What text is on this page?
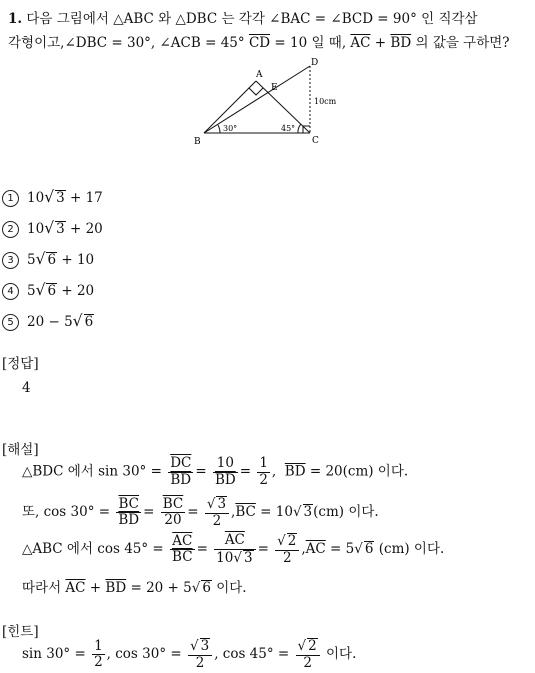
1. 다음 그림에서 △ABC 와 △DBC 는 각각 ∠BAC = ∠BCD = 90° 인 직각삼
각형이고,∠DBC = 30°, ∠ACB = 45° $\overline{CD} = 10$ 일 때, $\overline{AC} + \overline{BD}$ 의 값을 구하면?
A
B	C
D
E
30°	45°
10cm
1 10√ 3 + 17
2 10√ 3 + 20
3 5√ 6 + 10
4 5√ 6 + 20
5 20 − 5√ 6
[정답]
4
[해설]
△BDC 에서 $\sin 30^\circ = \frac{\overline{DC}}{BD} = \frac{10}{BD} = \frac{1}{2}$ , $\overline{BD} = 20(cm)$ 이다.
또, $\cos 30^\circ = \frac{\overline{BC}}{BD} = \frac{\overline{BC}}{20} = \frac{√ 3}{2} ,\overline{BC} = 10√$ 3(cm) 이다.
△ABC 에서 $\cos 45^\circ = \frac{\overline{AC}}{BC} = \frac{\overline{AC}}{10√ 3} = \frac{√ 2}{2} ,\overline{AC} = 5√$ 6 (cm) 이다.
따라서 $\overline{AC} + \overline{BD} = 20 + 5√$ 6 이다.
[힌트]
$\sin 30^\circ = \frac{1}{2}$ , $\cos 30^\circ = \frac{√ 3}{2}$ , $\cos 45^\circ = \frac{√ 2}{2}$ 이다.
